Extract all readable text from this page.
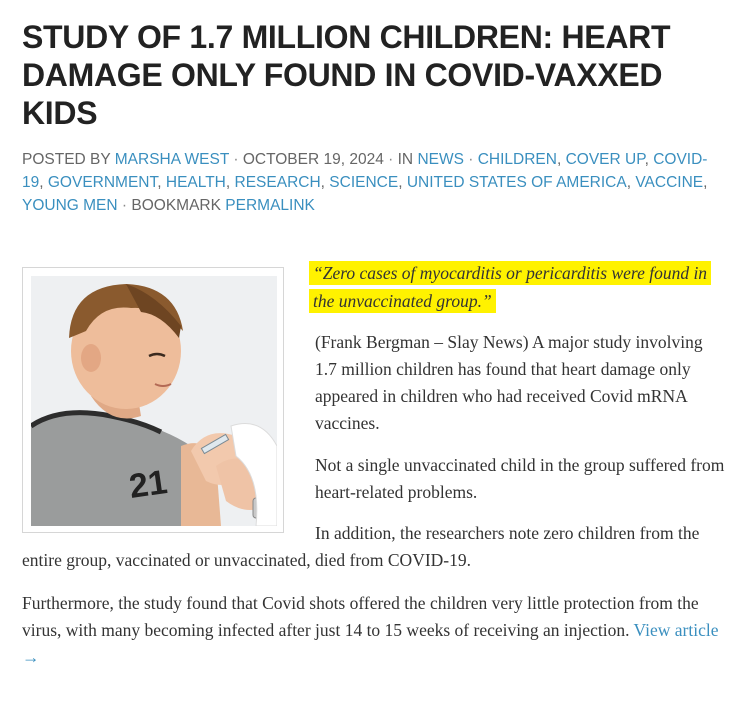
STUDY OF 1.7 MILLION CHILDREN: HEART DAMAGE ONLY FOUND IN COVID-VAXXED KIDS
POSTED BY MARSHA WEST · OCTOBER 19, 2024 · IN NEWS · CHILDREN, COVER UP, COVID-19, GOVERNMENT, HEALTH, RESEARCH, SCIENCE, UNITED STATES OF AMERICA, VACCINE, YOUNG MEN · BOOKMARK PERMALINK
21
“Zero cases of myocarditis or pericarditis were found in the unvaccinated group.”

(Frank Bergman – Slay News) A major study involving 1.7 million children has found that heart damage only appeared in children who had received Covid mRNA vaccines.

Not a single unvaccinated child in the group suffered from heart-related problems.

In addition, the researchers note zero children from the entire group, vaccinated or unvaccinated, died from COVID-19.

Furthermore, the study found that Covid shots offered the children very little protection from the virus, with many becoming infected after just 14 to 15 weeks of receiving an injection. View article →
